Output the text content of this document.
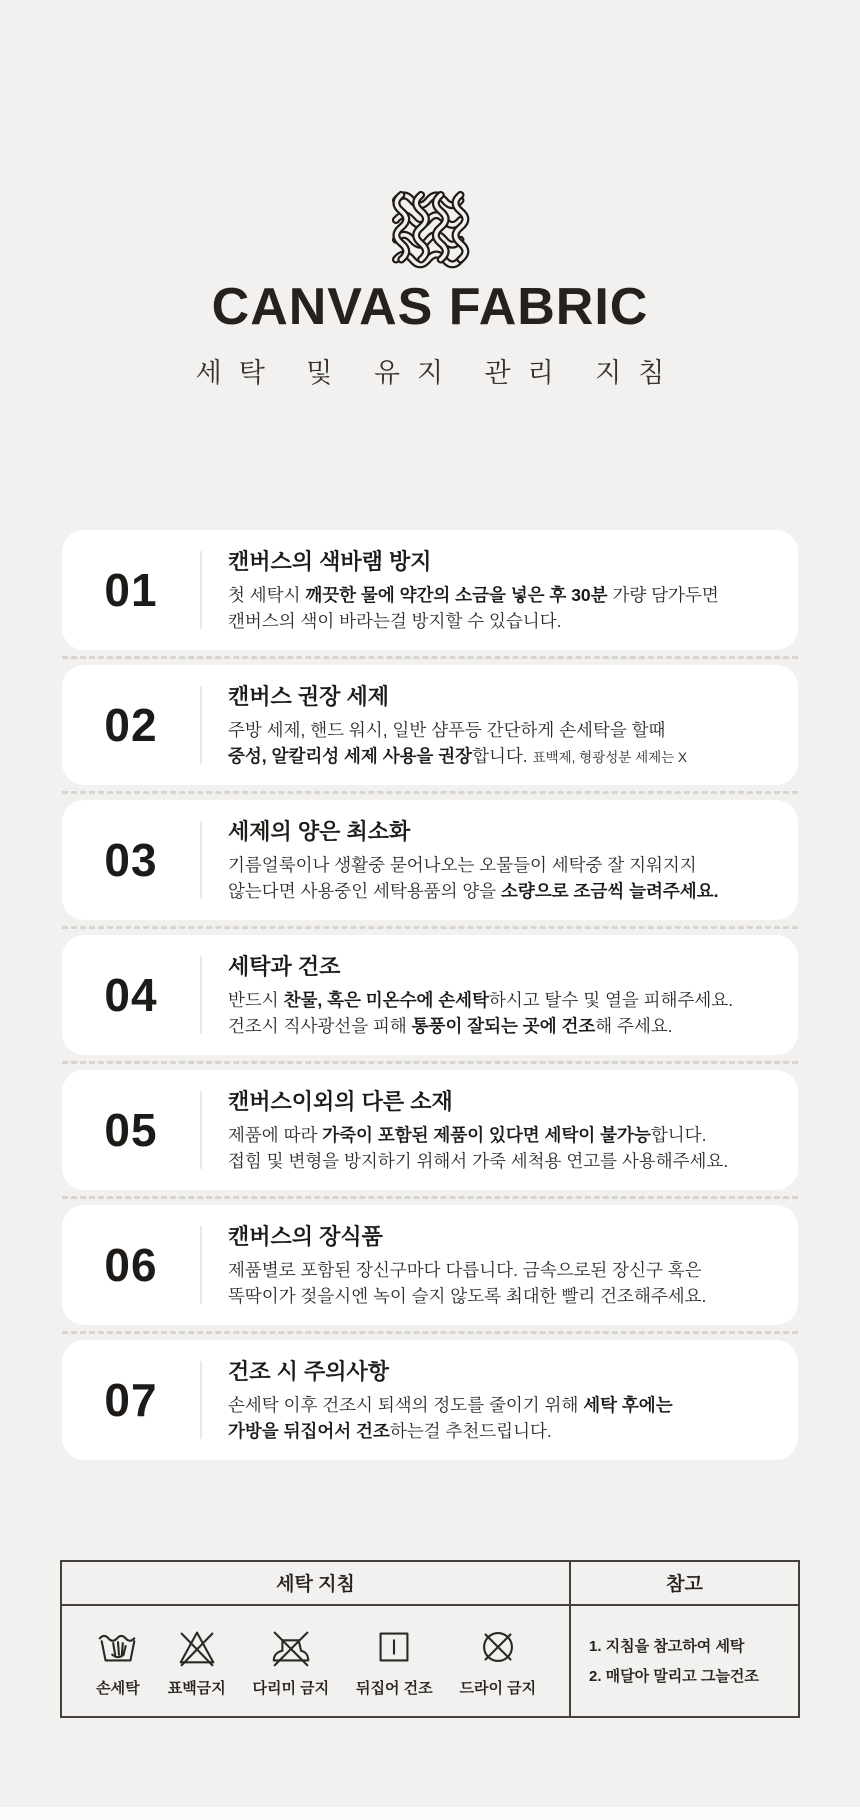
CANVAS FABRIC
세탁 및 유지 관리 지침
01
캔버스의 색바램 방지
첫 세탁시 깨끗한 물에 약간의 소금을 넣은 후 30분 가량 담가두면
캔버스의 색이 바라는걸 방지할 수 있습니다.
02
캔버스 권장 세제
주방 세제, 핸드 워시, 일반 샴푸등 간단하게 손세탁을 할때
중성, 알칼리성 세제 사용을 권장합니다. 표백제, 형광성분 세제는 X
03
세제의 양은 최소화
기름얼룩이나 생활중 묻어나오는 오물들이 세탁중 잘 지워지지
않는다면 사용중인 세탁용품의 양을 소량으로 조금씩 늘려주세요.
04
세탁과 건조
반드시 찬물, 혹은 미온수에 손세탁하시고 탈수 및 열을 피해주세요.
건조시 직사광선을 피해 통풍이 잘되는 곳에 건조해 주세요.
05
캔버스이외의 다른 소재
제품에 따라 가죽이 포함된 제품이 있다면 세탁이 불가능합니다.
접힘 및 변형을 방지하기 위해서 가죽 세척용 연고를 사용해주세요.
06
캔버스의 장식품
제품별로 포함된 장신구마다 다릅니다. 금속으로된 장신구 혹은
똑딱이가 젖을시엔 녹이 슬지 않도록 최대한 빨리 건조해주세요.
07
건조 시 주의사항
손세탁 이후 건조시 퇴색의 정도를 줄이기 위해 세탁 후에는
가방을 뒤집어서 건조하는걸 추천드립니다.
세탁 지침	참고
손세탁 표백금지 다리미 금지 뒤집어 건조 드라이 금지
1. 지침을 참고하여 세탁
2. 매달아 말리고 그늘건조
